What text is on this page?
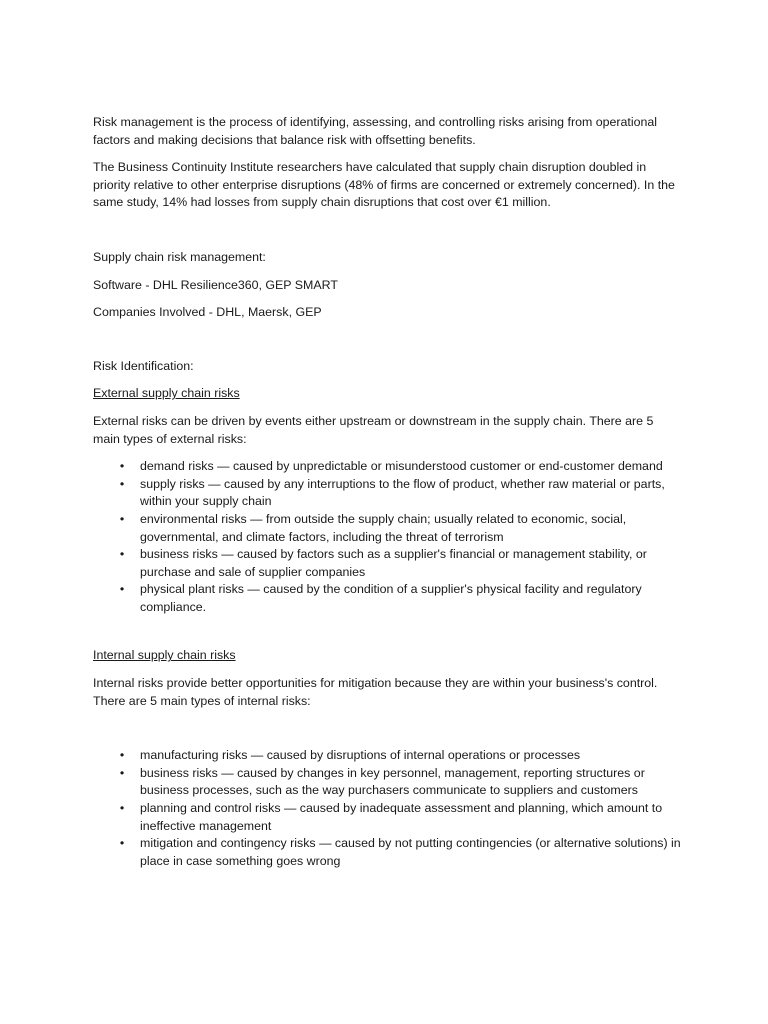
Risk management is the process of identifying, assessing, and controlling risks arising from operational factors and making decisions that balance risk with offsetting benefits.

The Business Continuity Institute researchers have calculated that supply chain disruption doubled in priority relative to other enterprise disruptions (48% of firms are concerned or extremely concerned). In the same study, 14% had losses from supply chain disruptions that cost over €1 million.

Supply chain risk management:

Software - DHL Resilience360, GEP SMART

Companies Involved - DHL, Maersk, GEP

Risk Identification:

External supply chain risks

External risks can be driven by events either upstream or downstream in the supply chain. There are 5 main types of external risks:

• demand risks — caused by unpredictable or misunderstood customer or end-customer demand
• supply risks — caused by any interruptions to the flow of product, whether raw material or parts, within your supply chain
• environmental risks — from outside the supply chain; usually related to economic, social, governmental, and climate factors, including the threat of terrorism
• business risks — caused by factors such as a supplier's financial or management stability, or purchase and sale of supplier companies
• physical plant risks — caused by the condition of a supplier's physical facility and regulatory compliance.

Internal supply chain risks

Internal risks provide better opportunities for mitigation because they are within your business's control. There are 5 main types of internal risks:

• manufacturing risks — caused by disruptions of internal operations or processes
• business risks — caused by changes in key personnel, management, reporting structures or business processes, such as the way purchasers communicate to suppliers and customers
• planning and control risks — caused by inadequate assessment and planning, which amount to ineffective management
• mitigation and contingency risks — caused by not putting contingencies (or alternative solutions) in place in case something goes wrong
